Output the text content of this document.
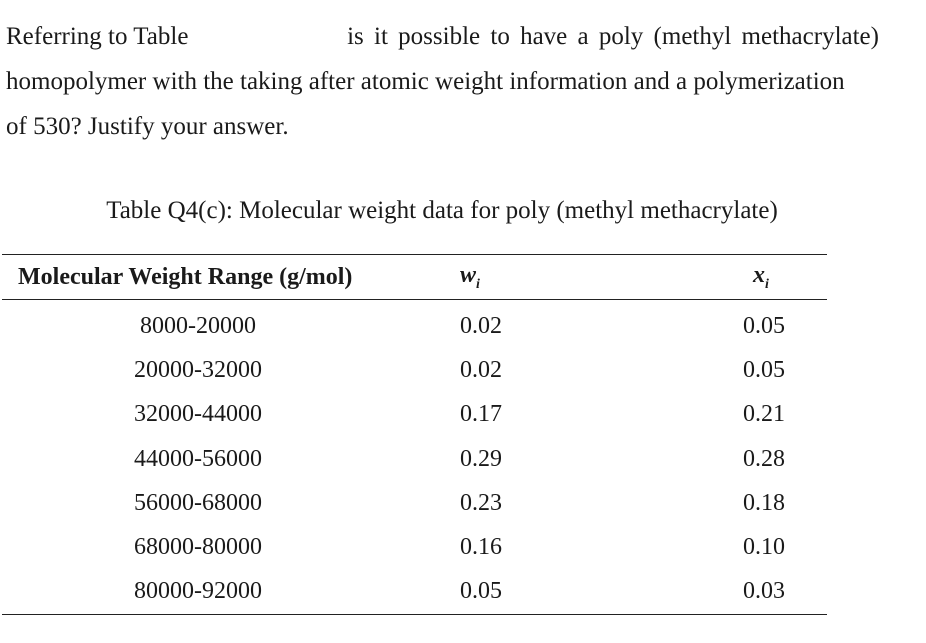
Referring to Table	is it possible to have a poly (methyl methacrylate)
homopolymer with the taking after atomic weight information and a polymerization
of 530? Justify your answer.
Table Q4(c): Molecular weight data for poly (methyl methacrylate)
Molecular Weight Range (g/mol)	$w_i$	$x_i$
8000-20000	0.02	0.05
20000-32000	0.02	0.05
32000-44000	0.17	0.21
44000-56000	0.29	0.28
56000-68000	0.23	0.18
68000-80000	0.16	0.10
80000-92000	0.05	0.03
